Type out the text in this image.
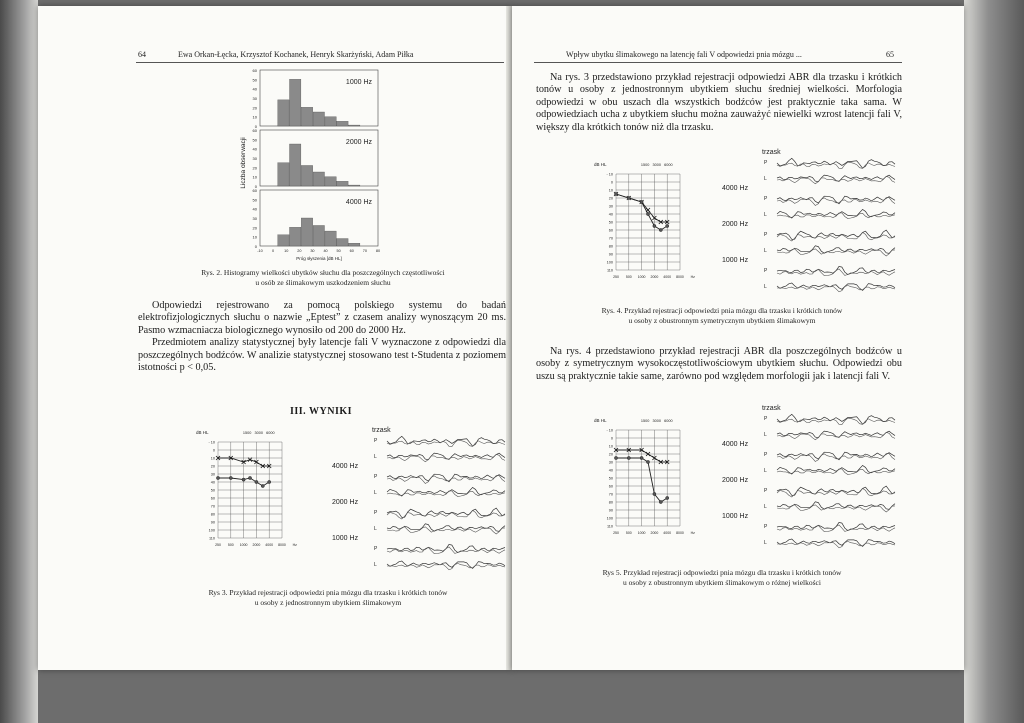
64	Ewa Orkan-Łęcka, Krzysztof Kochanek, Henryk Skarżyński, Adam Piłka
Liczba obserwacji
60
50
40
30
20
10
0
1000 Hz
60
50
40
30
20
10
0
2000 Hz
60
50
40
30
20
10
0
4000 Hz
-10 0	10 20 30 40 50 60 70 80
Próg słyszenia [dB HL]
Rys. 2. Histogramy wielkości ubytków słuchu dla poszczególnych częstotliwości
u osób ze ślimakowym uszkodzeniem słuchu

Odpowiedzi rejestrowano za pomocą polskiego systemu do badań elektrofizjologicznych słuchu o nazwie „Eptest” z czasem analizy wynoszącym 20 ms. Pasmo wzmacniacza biologicznego wynosiło od 200 do 2000 Hz.

Przedmiotem analizy statystycznej były latencje fali V wyznaczone z odpowiedzi dla poszczególnych bodźców. W analizie statystycznej stosowano test t-Studenta z poziomem istotności p < 0,05.

III. WYNIKI
dB HL	1500 3000 6000
- 10
0
10
20
30
40
50
60
70
80
90
100
110
250 500 1000 2000 4000 8000 Hz
trzask
P
L
4000 Hz
P
L
2000 Hz
P
L
1000 Hz
P
L
Rys 3. Przykład rejestracji odpowiedzi pnia mózgu dla trzasku i krótkich tonów
u osoby z jednostronnym ubytkiem ślimakowym
Wpływ ubytku ślimakowego na latencję fali V odpowiedzi pnia mózgu ...	65

Na rys. 3 przedstawiono przykład rejestracji odpowiedzi ABR dla trzasku i krótkich tonów u osoby z jednostronnym ubytkiem słuchu średniej wielkości. Morfologia odpowiedzi w obu uszach dla wszystkich bodźców jest praktycznie taka sama. W odpowiedziach ucha z ubytkiem słuchu można zauważyć niewielki wzrost latencji fali V, większy dla krótkich tonów niż dla trzasku.

dB HL	1500 3000 6000
- 10
0
10
20
30
40
50
60
70
80
90
100
110
250 500 1000 2000 4000 8000 Hz
trzask
P
L
4000 Hz
P
L
2000 Hz
P
L
1000 Hz
P
L
Rys. 4. Przykład rejestracji odpowiedzi pnia mózgu dla trzasku i krótkich tonów
u osoby z obustronnym symetrycznym ubytkiem ślimakowym

Na rys. 4 przedstawiono przykład rejestracji ABR dla poszczególnych bodźców u osoby z symetrycznym wysokoczęstotliwościowym ubytkiem słuchu. Odpowiedzi obu uszu są praktycznie takie same, zarówno pod względem morfologii jak i latencji fali V.

dB HL	1500 3000 6000
- 10
0
10
20
30
40
50
60
70
80
90
100
110
250 500 1000 2000 4000 8000 Hz
trzask
P
L
4000 Hz
P
L
2000 Hz
P
L
1000 Hz
P
L
Rys 5. Przykład rejestracji odpowiedzi pnia mózgu dla trzasku i krótkich tonów
u osoby z obustronnym ubytkiem ślimakowym o różnej wielkości
